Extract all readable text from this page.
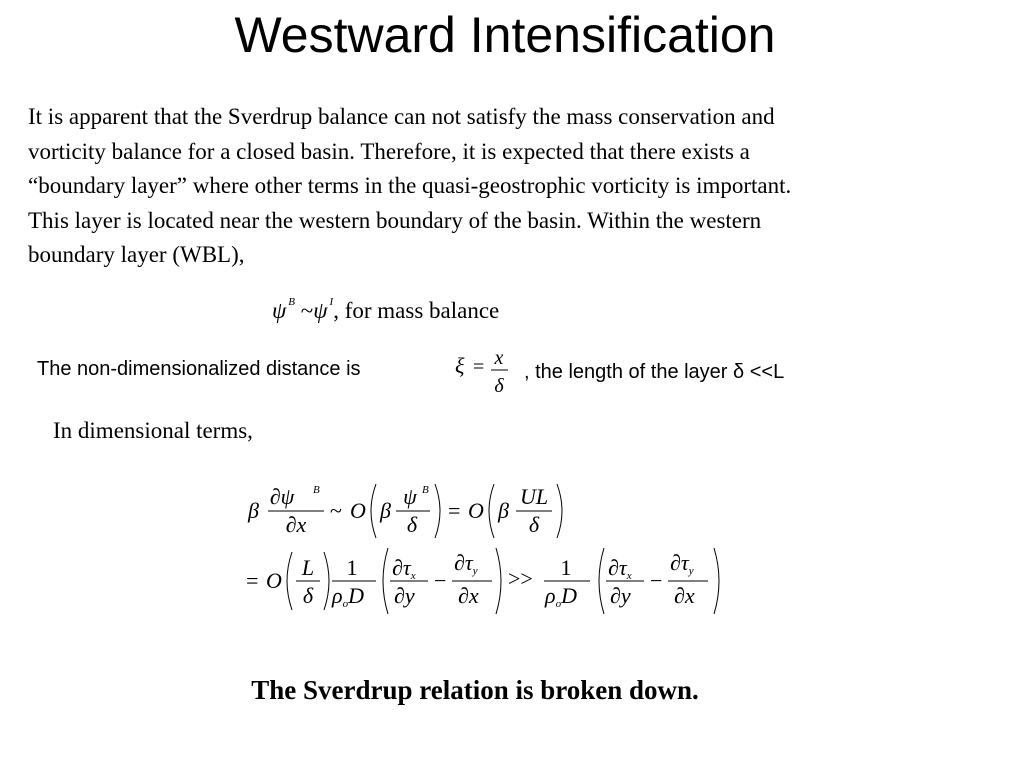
Westward Intensification
It is apparent that the Sverdrup balance can not satisfy the mass conservation and
vorticity balance for a closed basin. Therefore, it is expected that there exists a
“boundary layer” where other terms in the quasi-geostrophic vorticity is important.
This layer is located near the western boundary of the basin. Within the western
boundary layer (WBL),
ψ $^B$ ~ψ $^I$, for mass balance
The non-dimensionalized distance is	ξ = x
δ
, the length of the layer δ <<L
In dimensional terms,
β
∂ψ B
∂x
~ O β
ψ B
δ
= O β
UL
δ
= O
L
δ
1
ρoD
∂τx
∂y
−
∂τy
∂x
>> 1
ρoD
∂τx
∂y
−
∂τy
∂x
The Sverdrup relation is broken down.
